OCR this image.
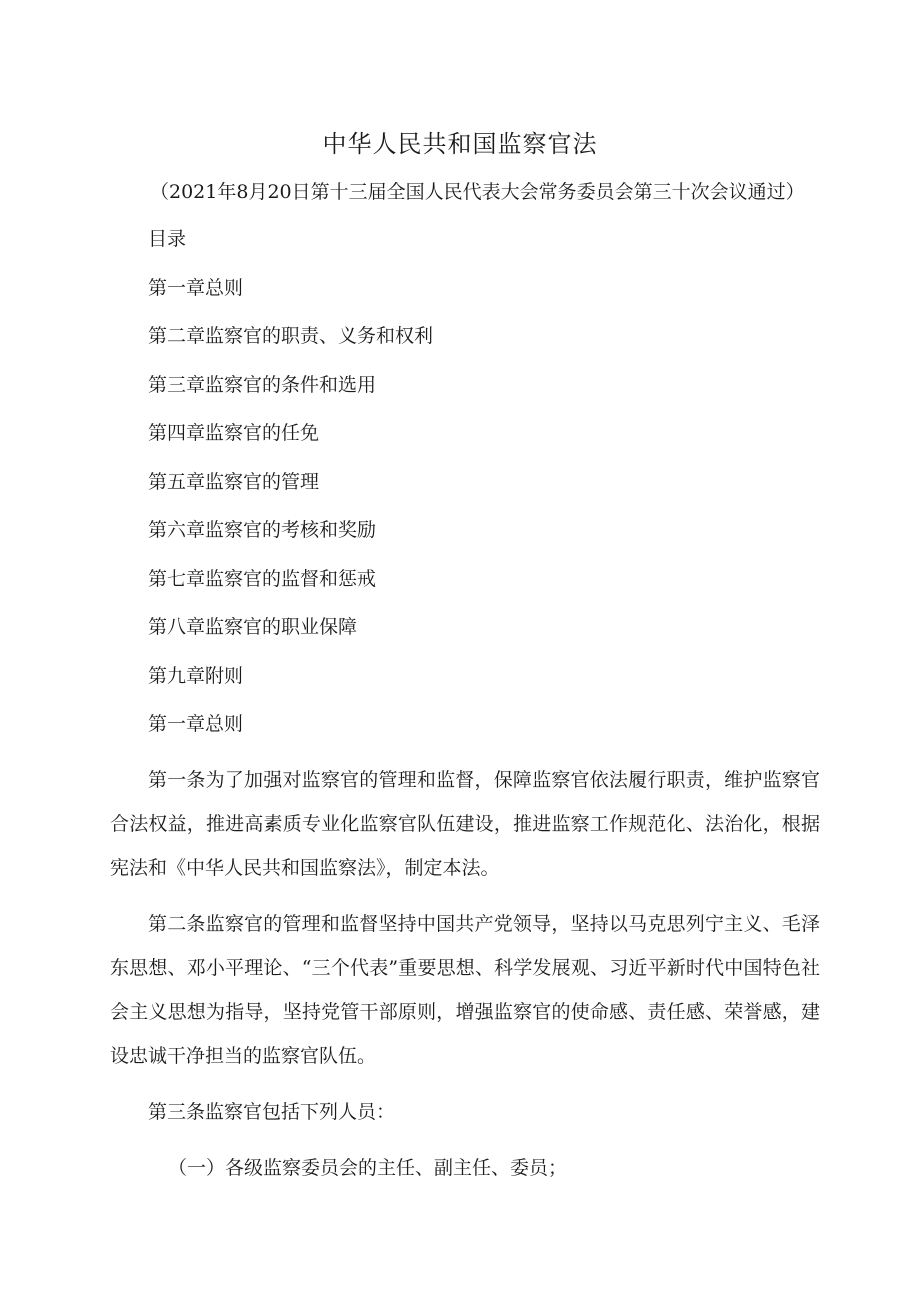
中华人民共和国监察官法
（2021年8月20日第十三届全国人民代表大会常务委员会第三十次会议通过）
目录
第一章总则
第二章监察官的职责、义务和权利
第三章监察官的条件和选用
第四章监察官的任免
第五章监察官的管理
第六章监察官的考核和奖励
第七章监察官的监督和惩戒
第八章监察官的职业保障
第九章附则
第一章总则

第一条为了加强对监察官的管理和监督，保障监察官依法履行职责，维护监察官合法权益，推进高素质专业化监察官队伍建设，推进监察工作规范化、法治化，根据宪法和《中华人民共和国监察法》，制定本法。

第二条监察官的管理和监督坚持中国共产党领导，坚持以马克思列宁主义、毛泽东思想、邓小平理论、“三个代表”重要思想、科学发展观、习近平新时代中国特色社会主义思想为指导，坚持党管干部原则，增强监察官的使命感、责任感、荣誉感，建设忠诚干净担当的监察官队伍。

第三条监察官包括下列人员：

（一）各级监察委员会的主任、副主任、委员；
